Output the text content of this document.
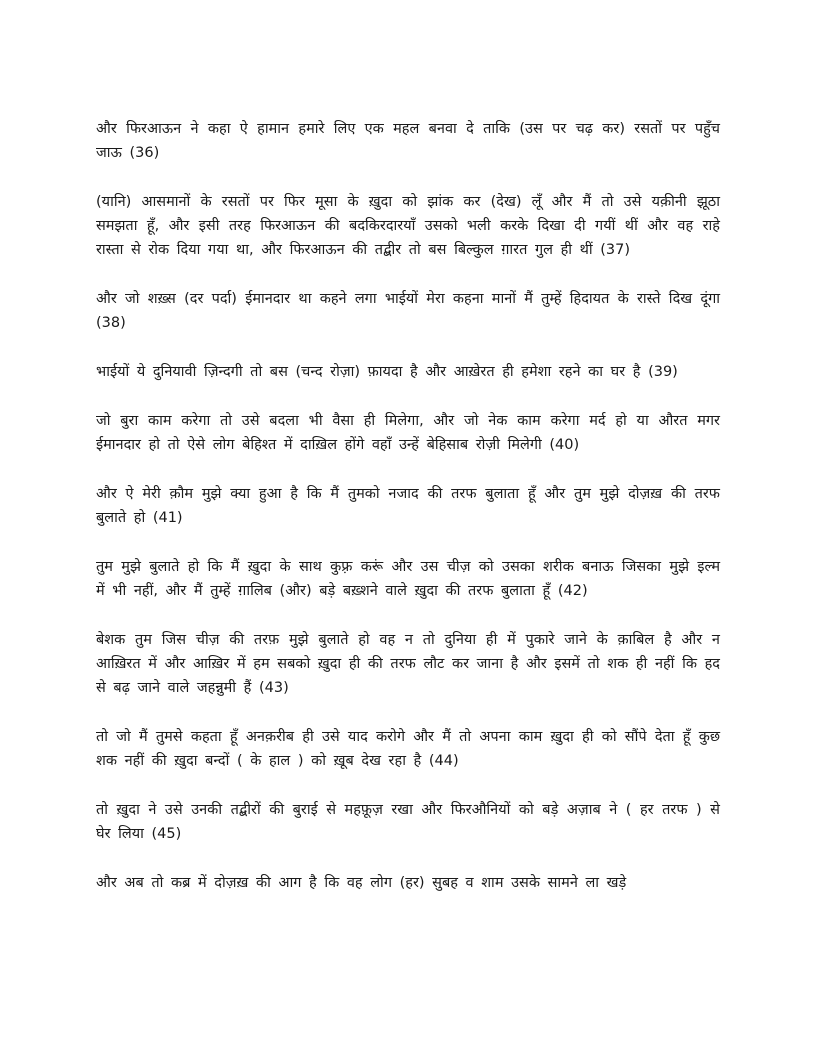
और फिरआऊन ने कहा ऐ हामान हमारे लिए एक महल बनवा दे ताकि (उस पर चढ़ कर) रसतों पर पहुँच जाऊ (36)

(यानि) आसमानों के रसतों पर फिर मूसा के ख़ुदा को झांक कर (देख) लूँ और मैं तो उसे यक़ीनी झूठा समझता हूँ, और इसी तरह फिरआऊन की बदकिरदारयाँ उसको भली करके दिखा दी गयीं थीं और वह राहे रास्ता से रोक दिया गया था, और फिरआऊन की तद्बीर तो बस बिल्कुल ग़ारत गुल ही थीं (37)

और जो शख़्स (दर पर्दा) ईमानदार था कहने लगा भाईयों मेरा कहना मानों मैं तुम्हें हिदायत के रास्ते दिख दूंगा (38)

भाईयों ये दुनियावी ज़िन्दगी तो बस (चन्द रोज़ा) फ़ायदा है और आख़ेरत ही हमेशा रहने का घर है (39)

जो बुरा काम करेगा तो उसे बदला भी वैसा ही मिलेगा, और जो नेक काम करेगा मर्द हो या औरत मगर ईमानदार हो तो ऐसे लोग बेहिश्त में दाख़िल होंगे वहाँ उन्हें बेहिसाब रोज़ी मिलेगी (40)

और ऐ मेरी क़ौम मुझे क्या हुआ है कि मैं तुमको नजाद की तरफ बुलाता हूँ और तुम मुझे दोज़ख़ की तरफ बुलाते हो (41)

तुम मुझे बुलाते हो कि मैं ख़ुदा के साथ कुफ़्र करूं और उस चीज़ को उसका शरीक बनाऊ जिसका मुझे इल्म में भी नहीं, और मैं तुम्हें ग़ालिब (और) बड़े बख़्शने वाले ख़ुदा की तरफ बुलाता हूँ (42)

बेशक तुम जिस चीज़ की तरफ़ मुझे बुलाते हो वह न तो दुनिया ही में पुकारे जाने के क़ाबिल है और न आख़िरत में और आख़िर में हम सबको ख़ुदा ही की तरफ लौट कर जाना है और इसमें तो शक ही नहीं कि हद से बढ़ जाने वाले जहन्नुमी हैं (43)

तो जो मैं तुमसे कहता हूँ अनक़रीब ही उसे याद करोगे और मैं तो अपना काम ख़ुदा ही को सौंपे देता हूँ कुछ शक नहीं की ख़ुदा बन्दों ( के हाल ) को ख़ूब देख रहा है (44)

तो ख़ुदा ने उसे उनकी तद्बीरों की बुराई से महफ़ूज़ रखा और फिरऔनियों को बड़े अज़ाब ने ( हर तरफ ) से घेर लिया (45)

और अब तो कब्र में दोज़ख़ की आग है कि वह लोग (हर) सुबह व शाम उसके सामने ला खड़े
